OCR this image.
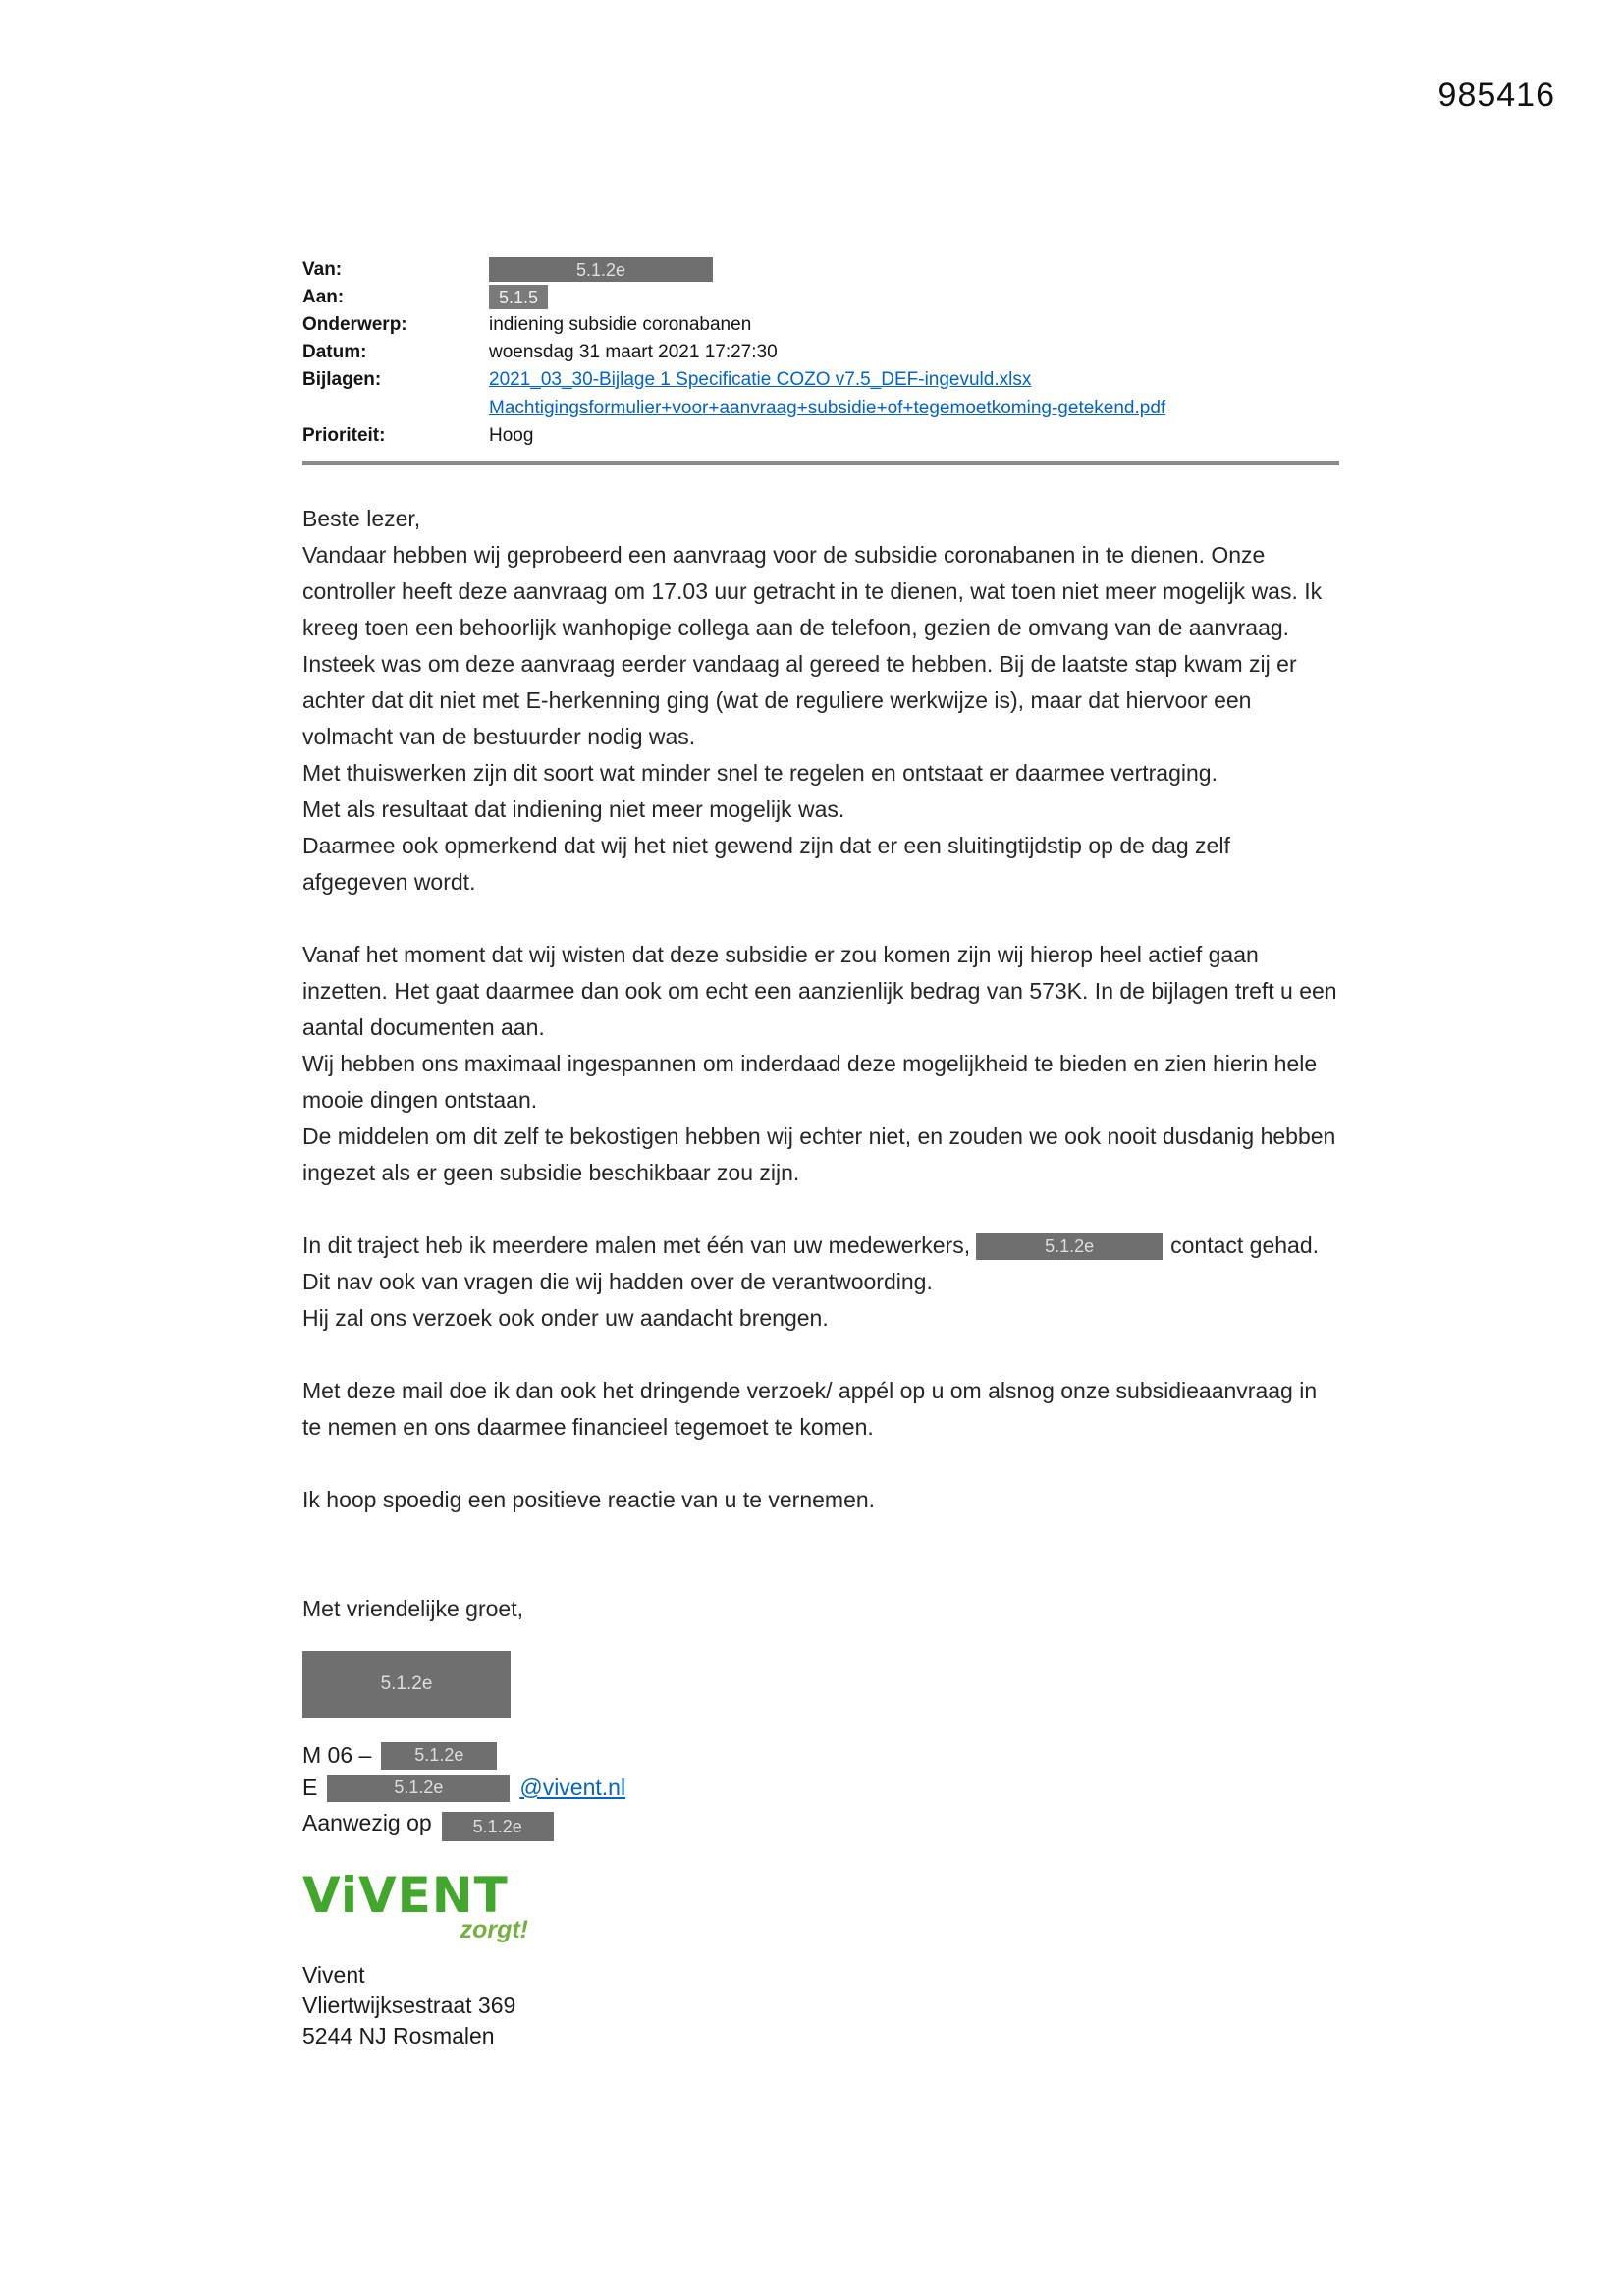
985416
Van:	5.1.2e
Aan:	5.1.5
Onderwerp:	indiening subsidie coronabanen
Datum:	woensdag 31 maart 2021 17:27:30
Bijlagen:	2021_03_30-Bijlage 1 Specificatie COZO v7.5_DEF-ingevuld.xlsx
Machtigingsformulier+voor+aanvraag+subsidie+of+tegemoetkoming-getekend.pdf
Prioriteit:	Hoog

Beste lezer,

Vandaar hebben wij geprobeerd een aanvraag voor de subsidie coronabanen in te dienen. Onze controller heeft deze aanvraag om 17.03 uur getracht in te dienen, wat toen niet meer mogelijk was. Ik kreeg toen een behoorlijk wanhopige collega aan de telefoon, gezien de omvang van de aanvraag.

Insteek was om deze aanvraag eerder vandaag al gereed te hebben. Bij de laatste stap kwam zij er achter dat dit niet met E-herkenning ging (wat de reguliere werkwijze is), maar dat hiervoor een volmacht van de bestuurder nodig was.

Met thuiswerken zijn dit soort wat minder snel te regelen en ontstaat er daarmee vertraging.

Met als resultaat dat indiening niet meer mogelijk was.

Daarmee ook opmerkend dat wij het niet gewend zijn dat er een sluitingtijdstip op de dag zelf afgegeven wordt.

Vanaf het moment dat wij wisten dat deze subsidie er zou komen zijn wij hierop heel actief gaan inzetten. Het gaat daarmee dan ook om echt een aanzienlijk bedrag van 573K. In de bijlagen treft u een aantal documenten aan.

Wij hebben ons maximaal ingespannen om inderdaad deze mogelijkheid te bieden en zien hierin hele mooie dingen ontstaan.

De middelen om dit zelf te bekostigen hebben wij echter niet, en zouden we ook nooit dusdanig hebben ingezet als er geen subsidie beschikbaar zou zijn.

In dit traject heb ik meerdere malen met één van uw medewerkers,	5.1.2e	contact gehad. Dit nav ook van vragen die wij hadden over de verantwoording.

Hij zal ons verzoek ook onder uw aandacht brengen.

Met deze mail doe ik dan ook het dringende verzoek/ appél op u om alsnog onze subsidieaanvraag in te nemen en ons daarmee financieel tegemoet te komen.

Ik hoop spoedig een positieve reactie van u te vernemen.

Met vriendelijke groet,

5.1.2e
M 06 –	5.1.2e
E	5.1.2e	@vivent.nl
Aanwezig op	5.1.2e
ViVENT
zorgt!
Vivent
Vliertwijksestraat 369
5244 NJ Rosmalen
